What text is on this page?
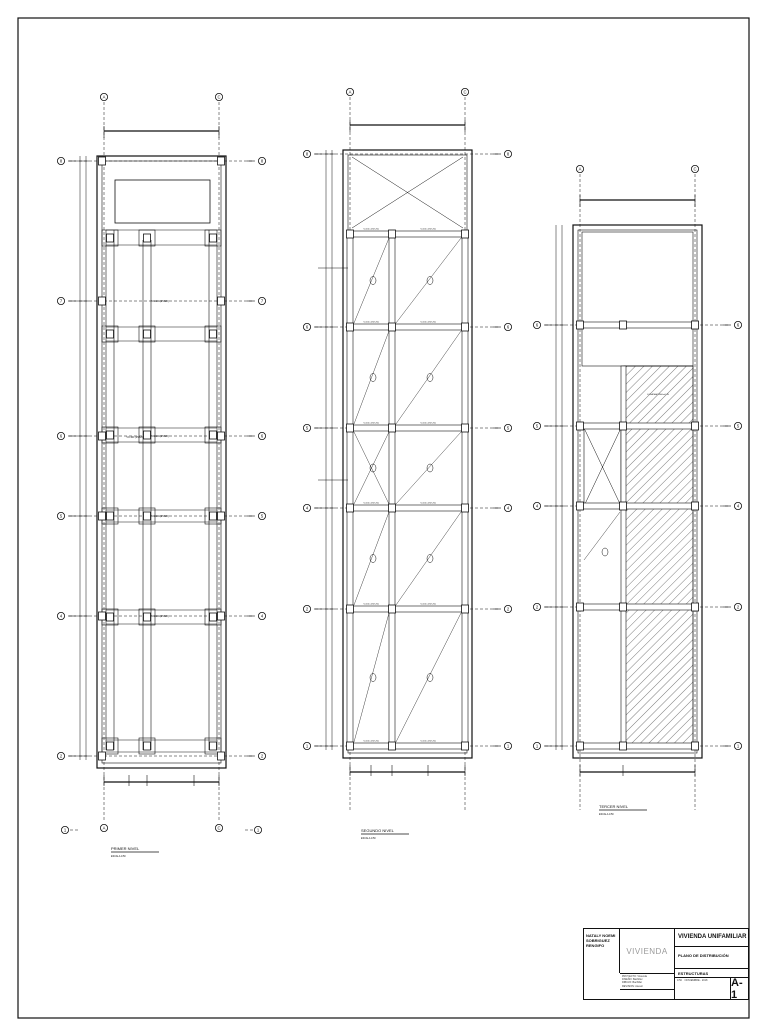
A	C
A	C
8	8
7	7
6	6
5	5
4	4
2	2
VC-101 (25X20)
VC-101 (25X20)
VC-101 (25X20)
VC-101 (25X20)
VC-101 (25X20)
A	C
8	8
6	6
5	5
4	4
2	2
1	1
V-102 (.25X.20)	V-102 (.25X.20)
V-102 (.25X.20)	V-102 (.25X.20)
V-102 (.25X.20)	V-102 (.25X.20)
V-102 (.25X.20)	V-102 (.25X.20)
V-102 (.25X.20)	V-102 (.25X.20)
V-102 (.25X.20)	V-102 (.25X.20)
A	C
6	6
5	5
4	4
2	2
1	1
LOSA MACIZA h=0.15
PRIMER NIVEL
ESCALA 1/50
SEGUNDO NIVEL
ESCALA 1/50
TERCER NIVEL
ESCALA 1/50
1	1
NATALY NOEMI
SOBRIGUEZ RENGIFO
VIVIENDA
VIVIENDA UNIFAMILIAR
PLANO DE DISTRIBUCIÓN
ESTRUCTURAS
PROYECTO: Vivienda
DISEÑO: Bachiller
DIBUJO: Bachiller
REVISION: Asesor
1/50 NOVIEMBRE - 2018	A-1
